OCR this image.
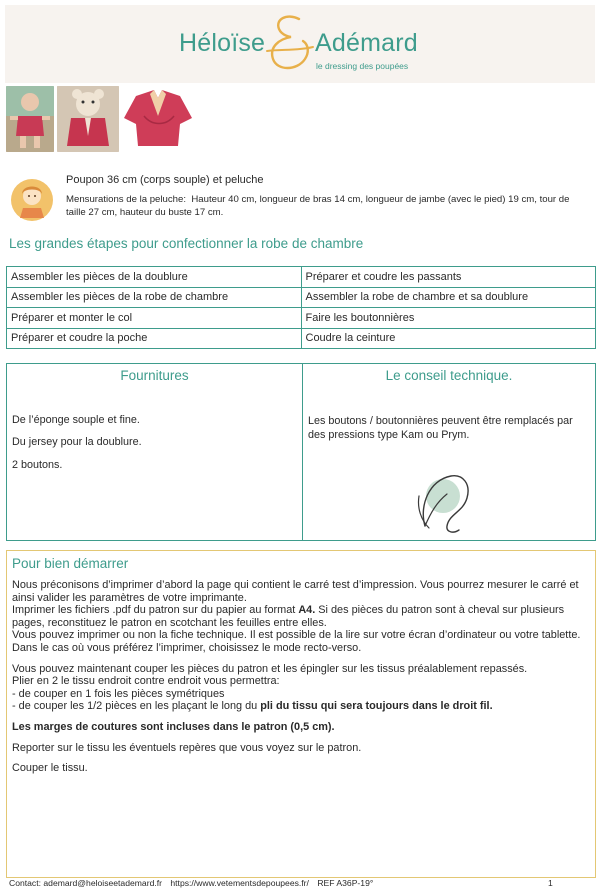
Héloïse Adémard
le dressing des poupées
Poupon 36 cm (corps souple) et peluche
Mensurations de la peluche: Hauteur 40 cm, longueur de bras 14 cm, longueur de jambe (avec le pied) 19 cm, tour de taille 27 cm, hauteur du buste 17 cm.
Les grandes étapes pour confectionner la robe de chambre
Assembler les pièces de la doublure	Préparer et coudre les passants
Assembler les pièces de la robe de chambre	Assembler la robe de chambre et sa doublure
Préparer et monter le col	Faire les boutonnières
Préparer et coudre la poche	Coudre la ceinture
Fournitures
De l’éponge souple et fine.
Du jersey pour la doublure.
2 boutons.
Le conseil technique.
Les boutons / boutonnières peuvent être remplacés par des pressions type Kam ou Prym.
Pour bien démarrer

Nous préconisons d’imprimer d’abord la page qui contient le carré test d’impression. Vous pourrez mesurer le carré et ainsi valider les paramètres de votre imprimante.

Imprimer les fichiers .pdf du patron sur du papier au format A4. Si des pièces du patron sont à cheval sur plusieurs pages, reconstituez le patron en scotchant les feuilles entre elles.

Vous pouvez imprimer ou non la fiche technique. Il est possible de la lire sur votre écran d’ordinateur ou votre tablette. Dans le cas où vous préférez l’imprimer, choisissez le mode recto-verso.

Vous pouvez maintenant couper les pièces du patron et les épingler sur les tissus préalablement repassés.

Plier en 2 le tissu endroit contre endroit vous permettra:

- de couper en 1 fois les pièces symétriques

- de couper les 1/2 pièces en les plaçant le long du pli du tissu qui sera toujours dans le droit fil.

Les marges de coutures sont incluses dans le patron (0,5 cm).

Reporter sur le tissu les éventuels repères que vous voyez sur le patron.

Couper le tissu.

Contact: ademard@heloiseetademard.fr https://www.vetementsdepoupees.fr/ REF A36P-19°	1
